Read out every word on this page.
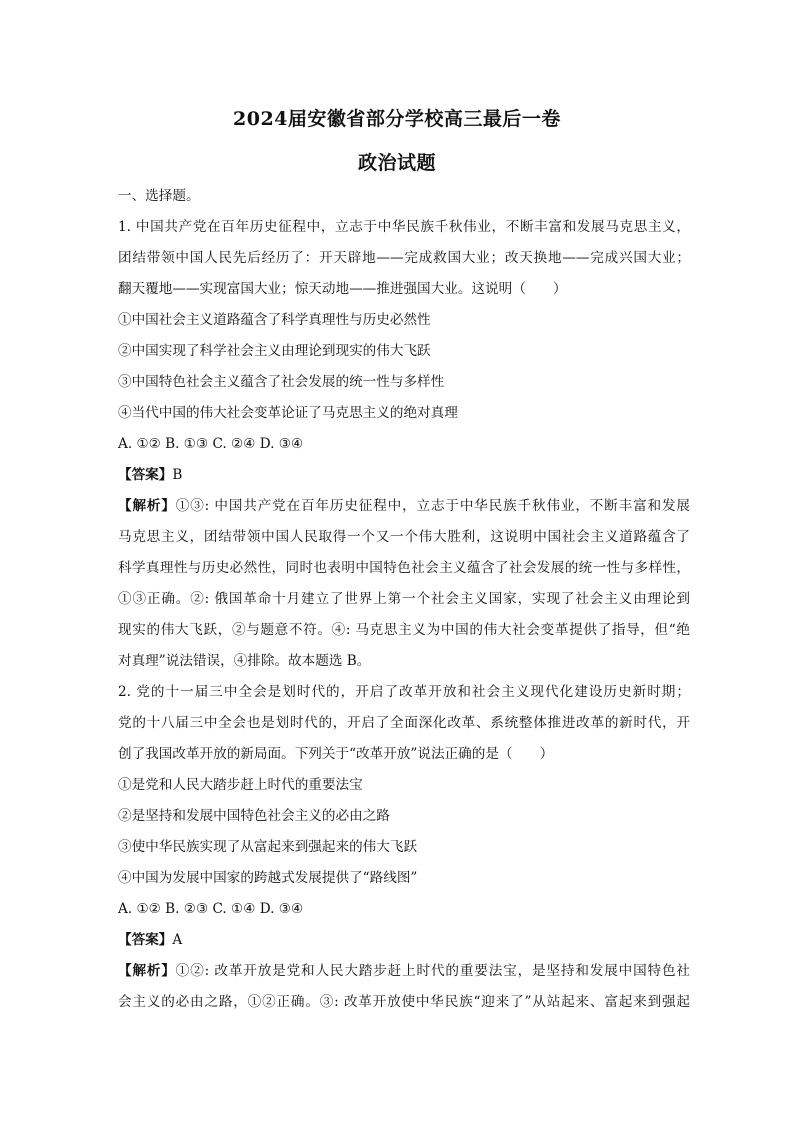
2024届安徽省部分学校高三最后一卷
政治试题
一、选择题。
1. 中国共产党在百年历史征程中，立志于中华民族千秋伟业，不断丰富和发展马克思主义，
团结带领中国人民先后经历了：开天辟地——完成救国大业；改天换地——完成兴国大业；
翻天覆地——实现富国大业；惊天动地——推进强国大业。这说明（　　）
①中国社会主义道路蕴含了科学真理性与历史必然性
②中国实现了科学社会主义由理论到现实的伟大飞跃
③中国特色社会主义蕴含了社会发展的统一性与多样性
④当代中国的伟大社会变革论证了马克思主义的绝对真理
A. ①② B. ①③ C. ②④ D. ③④
【答案】B
【解析】①③: 中国共产党在百年历史征程中，立志于中华民族千秋伟业，不断丰富和发展
马克思主义，团结带领中国人民取得一个又一个伟大胜利，这说明中国社会主义道路蕴含了
科学真理性与历史必然性，同时也表明中国特色社会主义蕴含了社会发展的统一性与多样性，
①③正确。②: 俄国革命十月建立了世界上第一个社会主义国家，实现了社会主义由理论到
现实的伟大飞跃，②与题意不符。④: 马克思主义为中国的伟大社会变革提供了指导，但“绝
对真理”说法错误，④排除。故本题选 B。
2. 党的十一届三中全会是划时代的，开启了改革开放和社会主义现代化建设历史新时期；
党的十八届三中全会也是划时代的，开启了全面深化改革、系统整体推进改革的新时代，开
创了我国改革开放的新局面。下列关于“改革开放”说法正确的是（　　）
①是党和人民大踏步赶上时代的重要法宝
②是坚持和发展中国特色社会主义的必由之路
③使中华民族实现了从富起来到强起来的伟大飞跃
④中国为发展中国家的跨越式发展提供了“路线图”
A. ①② B. ②③ C. ①④ D. ③④
【答案】A
【解析】①②: 改革开放是党和人民大踏步赶上时代的重要法宝，是坚持和发展中国特色社
会主义的必由之路，①②正确。③: 改革开放使中华民族“迎来了”从站起来、富起来到强起
